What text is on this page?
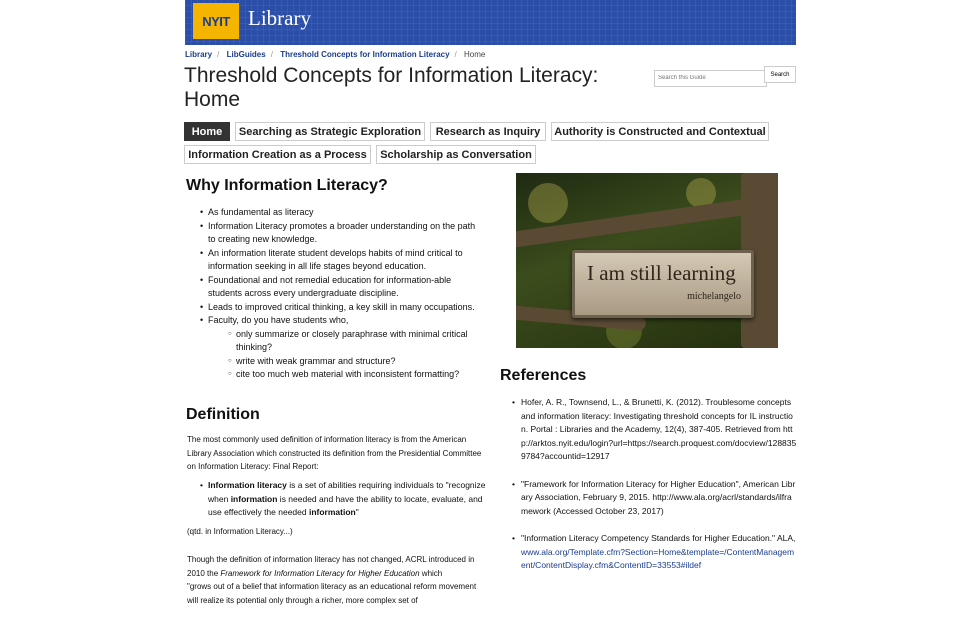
NYIT Library
Library / LibGuides / Threshold Concepts for Information Literacy / Home
Threshold Concepts for Information Literacy: Home
Search this Guide
Search
Home	Searching as Strategic Exploration	Research as Inquiry	Authority is Constructed and Contextual
Information Creation as a Process	Scholarship as Conversation
Why Information Literacy?
• As fundamental as literacy
• Information Literacy promotes a broader understanding on the path to creating new knowledge.
• An information literate student develops habits of mind critical to information seeking in all life stages beyond education.
• Foundational and not remedial education for information-able students across every undergraduate discipline.
• Leads to improved critical thinking, a key skill in many occupations.
• Faculty, do you have students who,
○ only summarize or closely paraphrase with minimal critical thinking?
○ write with weak grammar and structure?
○ cite too much web material with inconsistent formatting?
Definition
The most commonly used definition of information literacy is from the American Library Association which constructed its definition from the Presidential Committee on Information Literacy: Final Report:
• Information literacy is a set of abilities requiring individuals to "recognize when information is needed and have the ability to locate, evaluate, and use effectively the needed information"
(qtd. in Information Literacy...)
Though the definition of information literacy has not changed, ACRL introduced in 2010 the Framework for Information Literacy for Higher Education which
"grows out of a belief that information literacy as an educational reform movement will realize its potential only through a richer, more complex set of
I am still learning
michelangelo
References
• Hofer, A. R., Townsend, L., & Brunetti, K. (2012). Troublesome concepts and information literacy: Investigating threshold concepts for IL instruction. Portal : Libraries and the Academy, 12(4), 387-405. Retrieved from http://arktos.nyit.edu/login?url=https://search.proquest.com/docview/1288359784?accountid=12917
• "Framework for Information Literacy for Higher Education", American Library Association, February 9, 2015. http://www.ala.org/acrl/standards/ilframework (Accessed October 23, 2017)
• "Information Literacy Competency Standards for Higher Education." ALA, www.ala.org/Template.cfm?Section=Home&template=/ContentManagement/ContentDisplay.cfm&ContentID=33553#ildef
